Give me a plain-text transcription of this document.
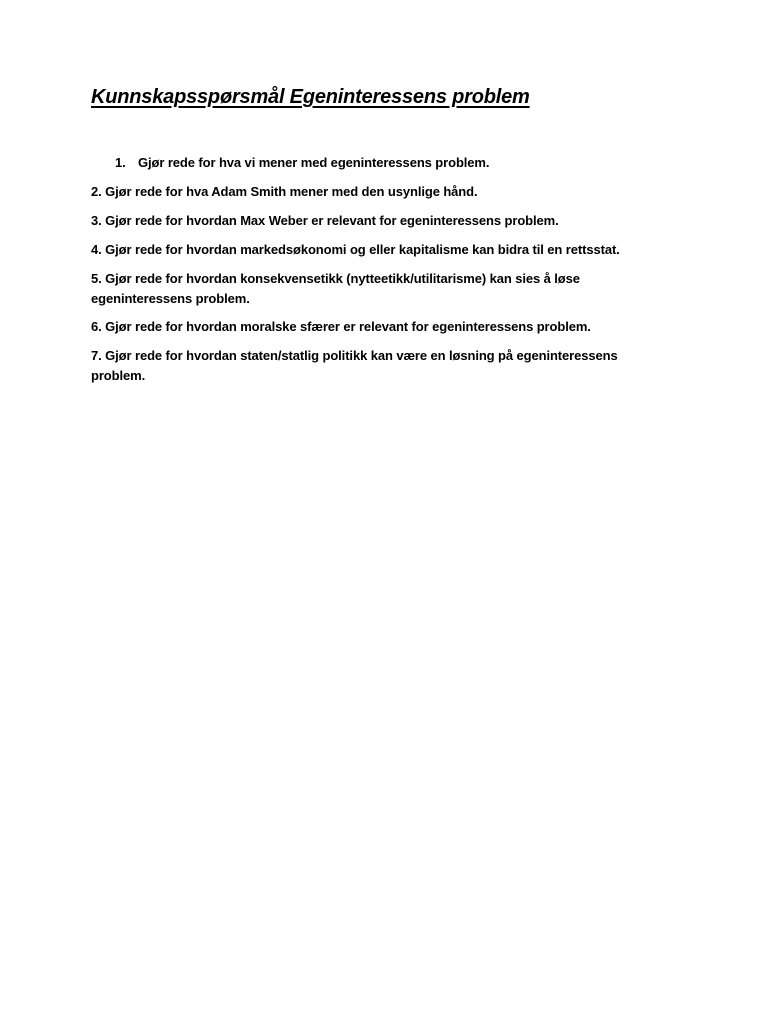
Kunnskapsspørsmål Egeninteressens problem

1. Gjør rede for hva vi mener med egeninteressens problem.

2. Gjør rede for hva Adam Smith mener med den usynlige hånd.

3. Gjør rede for hvordan Max Weber er relevant for egeninteressens problem.

4. Gjør rede for hvordan markedsøkonomi og eller kapitalisme kan bidra til en rettsstat.

5. Gjør rede for hvordan konsekvensetikk (nytteetikk/utilitarisme) kan sies å løse egeninteressens problem.

6. Gjør rede for hvordan moralske sfærer er relevant for egeninteressens problem.

7. Gjør rede for hvordan staten/statlig politikk kan være en løsning på egeninteressens problem.
